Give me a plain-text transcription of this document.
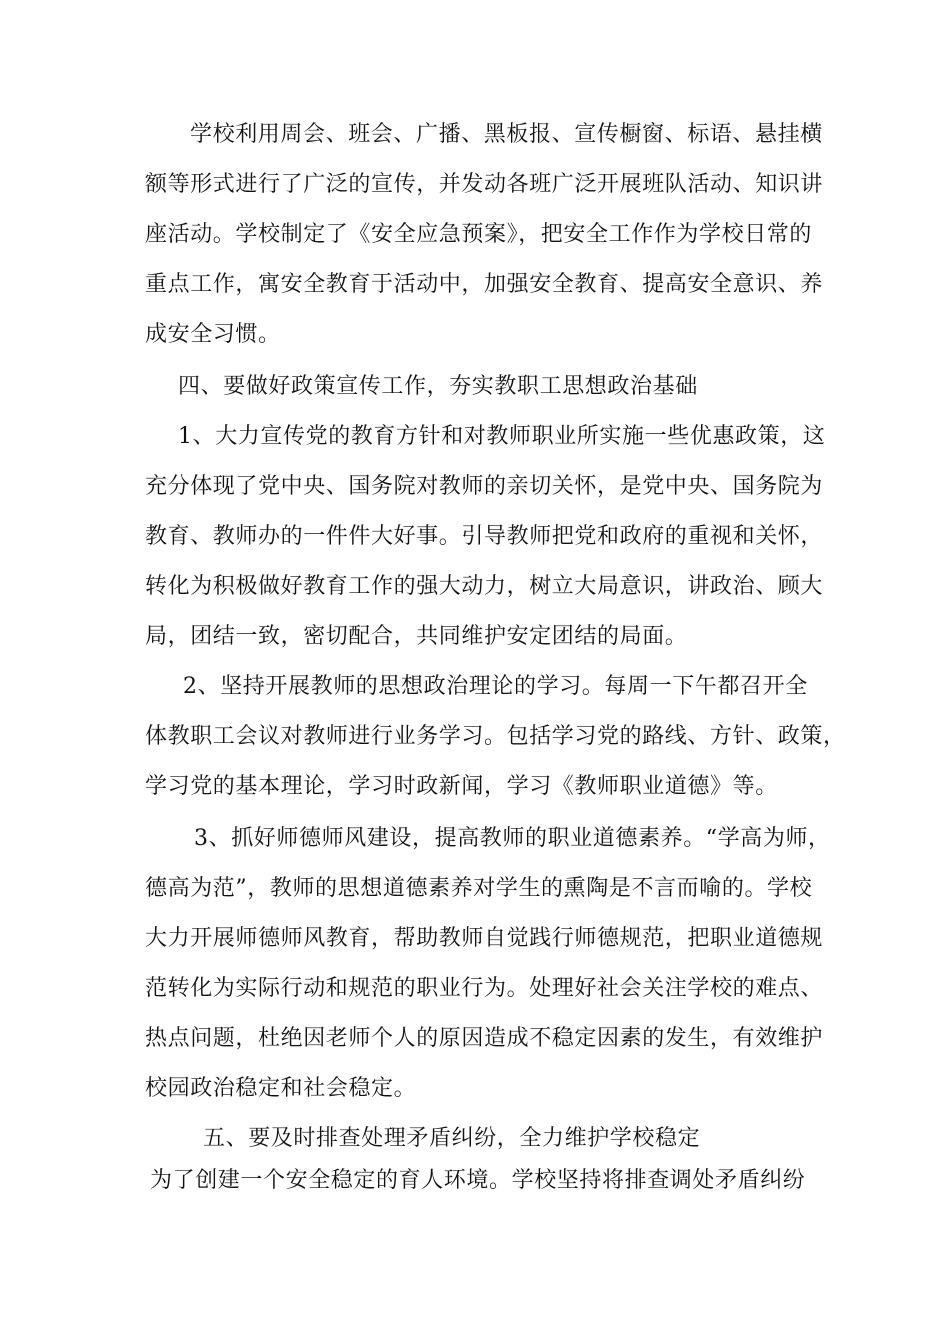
学校利用周会、班会、广播、黑板报、宣传橱窗、标语、悬挂横
额等形式进行了广泛的宣传，并发动各班广泛开展班队活动、知识讲
座活动。学校制定了《安全应急预案》，把安全工作作为学校日常的
重点工作，寓安全教育于活动中，加强安全教育、提高安全意识、养
成安全习惯。
四、要做好政策宣传工作，夯实教职工思想政治基础
1、大力宣传党的教育方针和对教师职业所实施一些优惠政策，这
充分体现了党中央、国务院对教师的亲切关怀，是党中央、国务院为
教育、教师办的一件件大好事。引导教师把党和政府的重视和关怀，
转化为积极做好教育工作的强大动力，树立大局意识，讲政治、顾大
局，团结一致，密切配合，共同维护安定团结的局面。
2、坚持开展教师的思想政治理论的学习。每周一下午都召开全
体教职工会议对教师进行业务学习。包括学习党的路线、方针、政策，
学习党的基本理论，学习时政新闻，学习《教师职业道德》等。
3、抓好师德师风建设，提高教师的职业道德素养。“学高为师，
德高为范”，教师的思想道德素养对学生的熏陶是不言而喻的。学校
大力开展师德师风教育，帮助教师自觉践行师德规范，把职业道德规
范转化为实际行动和规范的职业行为。处理好社会关注学校的难点、
热点问题，杜绝因老师个人的原因造成不稳定因素的发生，有效维护
校园政治稳定和社会稳定。
五、要及时排查处理矛盾纠纷，全力维护学校稳定
为了创建一个安全稳定的育人环境。学校坚持将排查调处矛盾纠纷
